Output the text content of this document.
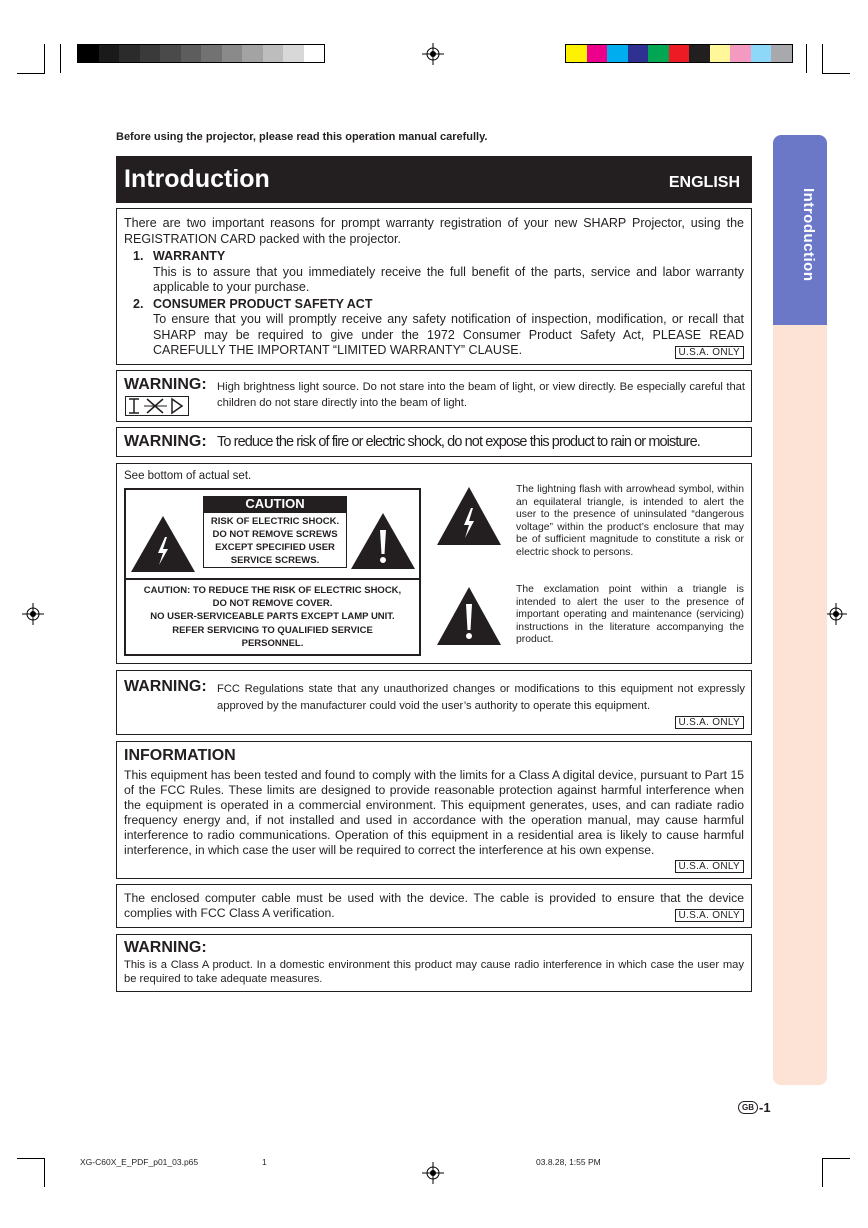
Introduction
Before using the projector, please read this operation manual carefully.
Introduction	ENGLISH

There are two important reasons for prompt warranty registration of your new SHARP Projector, using the REGISTRATION CARD packed with the projector.

1. WARRANTY

This is to assure that you immediately receive the full benefit of the parts, service and labor warranty applicable to your purchase.

2. CONSUMER PRODUCT SAFETY ACT

To ensure that you will promptly receive any safety notification of inspection, modification, or recall that SHARP may be required to give under the 1972 Consumer Product Safety Act, PLEASE READ CAREFULLY THE IMPORTANT “LIMITED WARRANTY” CLAUSE.	U.S.A. ONLY
WARNING: High brightness light source. Do not stare into the beam of light, or view directly. Be especially careful that children do not stare directly into the beam of light.

WARNING: To reduce the risk of fire or electric shock, do not expose this product to rain or moisture.
See bottom of actual set.
CAUTION
RISK OF ELECTRIC SHOCK.
DO NOT REMOVE SCREWS
EXCEPT SPECIFIED USER
SERVICE SCREWS.
CAUTION: TO REDUCE THE RISK OF ELECTRIC SHOCK,
DO NOT REMOVE COVER.
NO USER-SERVICEABLE PARTS EXCEPT LAMP UNIT.
REFER SERVICING TO QUALIFIED SERVICE
PERSONNEL.

The lightning flash with arrowhead symbol, within an equilateral triangle, is intended to alert the user to the presence of uninsulated “dangerous voltage” within the product’s enclosure that may be of sufficient magnitude to constitute a risk or electric shock to persons.

The exclamation point within a triangle is intended to alert the user to the presence of important operating and maintenance (servicing) instructions in the literature accompanying the product.

WARNING: FCC Regulations state that any unauthorized changes or modifications to this equipment not expressly approved by the manufacturer could void the user’s authority to operate this equipment.

U.S.A. ONLY
INFORMATION

This equipment has been tested and found to comply with the limits for a Class A digital device, pursuant to Part 15 of the FCC Rules. These limits are designed to provide reasonable protection against harmful interference when the equipment is operated in a commercial environment. This equipment generates, uses, and can radiate radio frequency energy and, if not installed and used in accordance with the operation manual, may cause harmful interference to radio communications. Operation of this equipment in a residential area is likely to cause harmful interference, in which case the user will be required to correct the interference at his own expense.

U.S.A. ONLY

The enclosed computer cable must be used with the device. The cable is provided to ensure that the device complies with FCC Class A verification.	U.S.A. ONLY
WARNING:

This is a Class A product. In a domestic environment this product may cause radio interference in which case the user may be required to take adequate measures.

GB -1
XG-C60X_E_PDF_p01_03.p65	1	03.8.28, 1:55 PM
